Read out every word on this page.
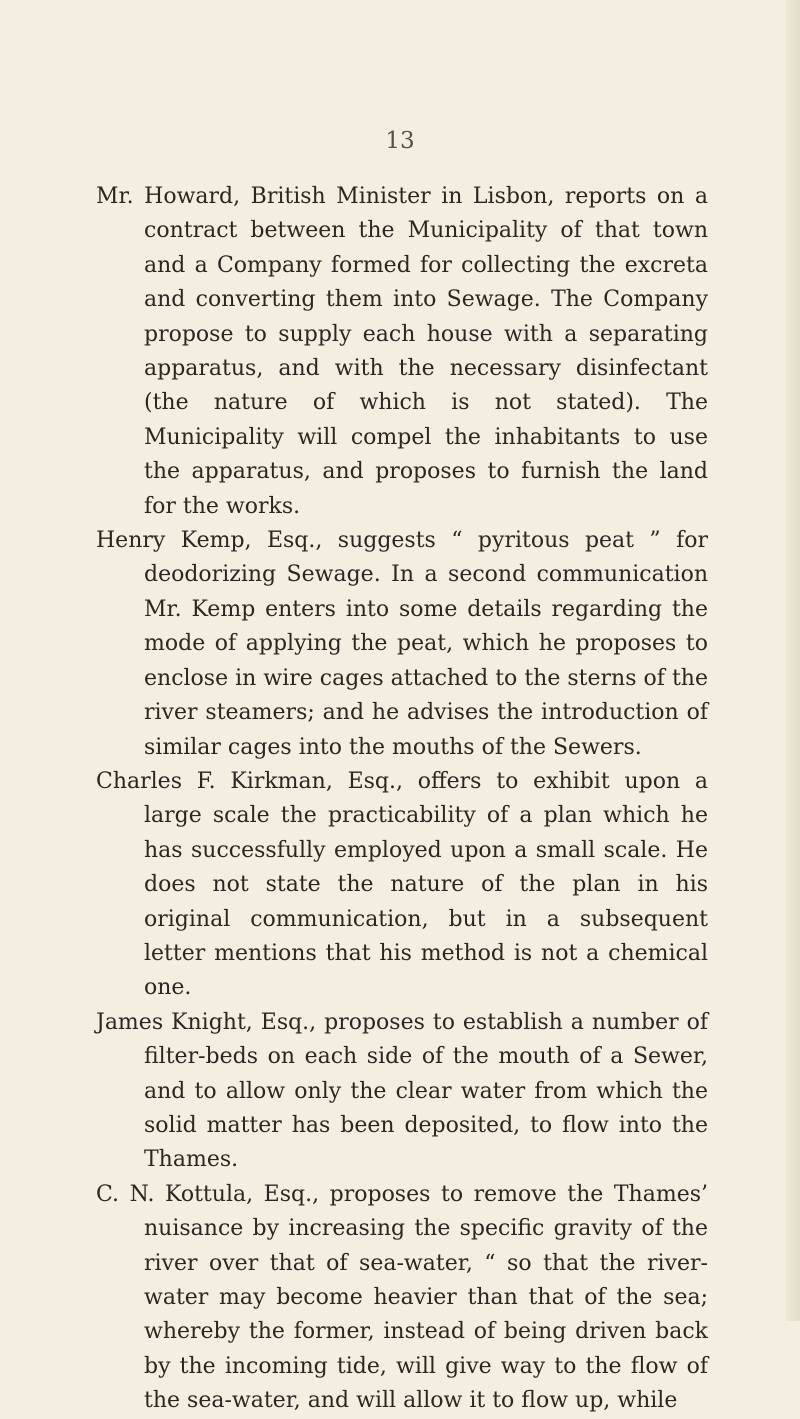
13

Mr. Howard, British Minister in Lisbon, reports on a contract between the Municipality of that town and a Company formed for collecting the excreta and converting them into Sewage. The Company propose to supply each house with a separating apparatus, and with the necessary disinfectant (the nature of which is not stated). The Municipality will compel the inhabitants to use the apparatus, and proposes to furnish the land for the works.

Henry Kemp, Esq., suggests “ pyritous peat ” for deodorizing Sewage. In a second communication Mr. Kemp enters into some details regarding the mode of applying the peat, which he proposes to enclose in wire cages attached to the sterns of the river steamers; and he advises the introduction of similar cages into the mouths of the Sewers.

Charles F. Kirkman, Esq., offers to exhibit upon a large scale the practicability of a plan which he has successfully employed upon a small scale. He does not state the nature of the plan in his original communication, but in a subsequent letter mentions that his method is not a chemical one.

James Knight, Esq., proposes to establish a number of filter-beds on each side of the mouth of a Sewer, and to allow only the clear water from which the solid matter has been deposited, to flow into the Thames.

C. N. Kottula, Esq., proposes to remove the Thames’ nuisance by increasing the specific gravity of the river over that of sea-water, “ so that the river-water may become heavier than that of the sea; whereby the former, instead of being driven back by the incoming tide, will give way to the flow of the sea-water, and will allow it to flow up, while
